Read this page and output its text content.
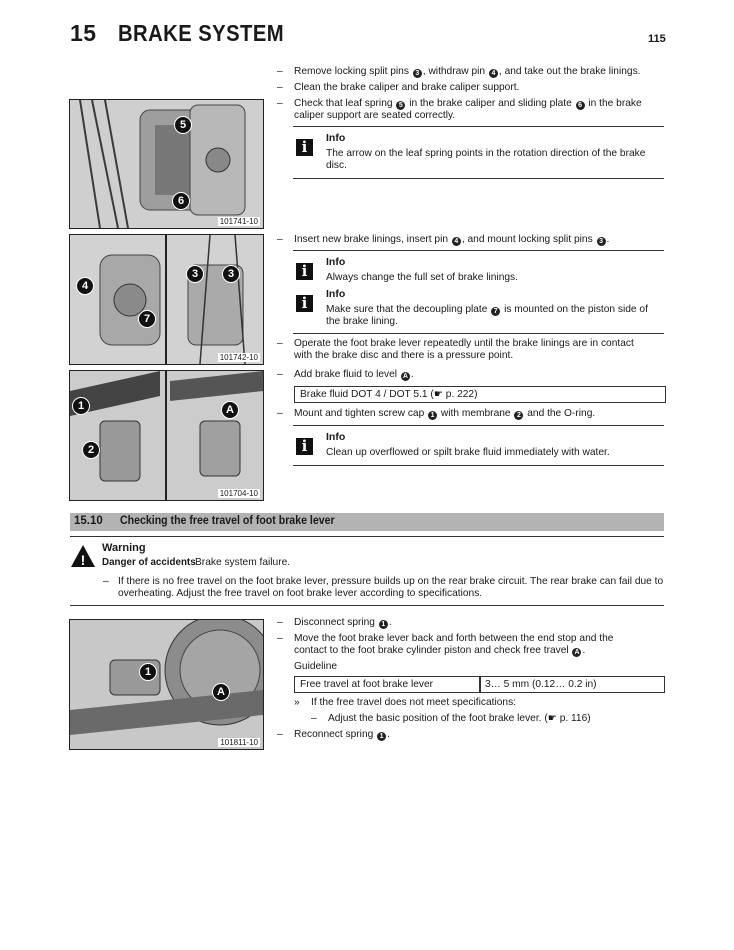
15 BRAKE SYSTEM	115
5
6
101741-10
4
3	3
7
101742-10
1
2
A
101704-10
1
A
101811-10
– Remove locking split pins 3 , withdraw pin 4 , and take out the brake linings.
– Clean the brake caliper and brake caliper support.
– Check that leaf spring 5 in the brake caliper and sliding plate 6 in the brake caliper support are seated correctly.
i	Info
The arrow on the leaf spring points in the rotation direction of the brake disc.
– Insert new brake linings, insert pin 4 , and mount locking split pins 3 .
i	Info
Always change the full set of brake linings.
i	Info
Make sure that the decoupling plate 7 is mounted on the piston side of the brake lining.
– Operate the foot brake lever repeatedly until the brake linings are in contact with the brake disc and there is a pressure point.
– Add brake fluid to level A .
Brake fluid DOT 4 / DOT 5.1 (☛ p. 222)
– Mount and tighten screw cap 1 with membrane 2 and the O-ring.
i	Info
Clean up overflowed or spilt brake fluid immediately with water.
15.10 Checking the free travel of foot brake lever
!
Warning
Danger of accidents Brake system failure.
– If there is no free travel on the foot brake lever, pressure builds up on the rear brake circuit. The rear brake can fail due to overheating. Adjust the free travel on foot brake lever according to specifications.
– Disconnect spring 1 .
– Move the foot brake lever back and forth between the end stop and the contact to the foot brake cylinder piston and check free travel A .
Guideline
Free travel at foot brake lever	3… 5 mm (0.12… 0.2 in)
» If the free travel does not meet specifications:
– Adjust the basic position of the foot brake lever. (☛ p. 116)
– Reconnect spring 1 .
